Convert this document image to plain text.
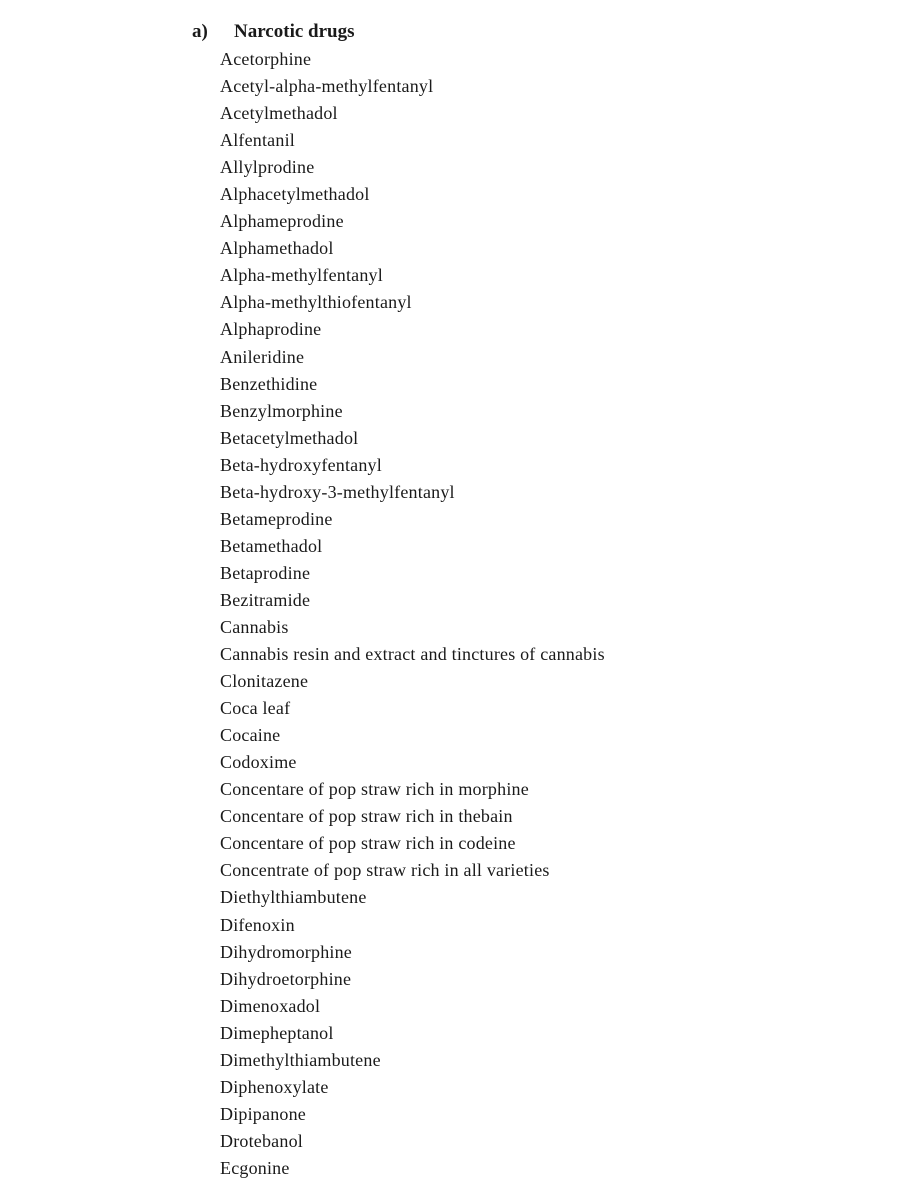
a) Narcotic drugs
Acetorphine
Acetyl-alpha-methylfentanyl
Acetylmethadol
Alfentanil
Allylprodine
Alphacetylmethadol
Alphameprodine
Alphamethadol
Alpha-methylfentanyl
Alpha-methylthiofentanyl
Alphaprodine
Anileridine
Benzethidine
Benzylmorphine
Betacetylmethadol
Beta-hydroxyfentanyl
Beta-hydroxy-3-methylfentanyl
Betameprodine
Betamethadol
Betaprodine
Bezitramide
Cannabis
Cannabis resin and extract and tinctures of cannabis
Clonitazene
Coca leaf
Cocaine
Codoxime
Concentare of pop straw rich in morphine
Concentare of pop straw rich in thebain
Concentare of pop straw rich in codeine
Concentrate of pop straw rich in all varieties
Diethylthiambutene
Difenoxin
Dihydromorphine
Dihydroetorphine
Dimenoxadol
Dimepheptanol
Dimethylthiambutene
Diphenoxylate
Dipipanone
Drotebanol
Ecgonine
